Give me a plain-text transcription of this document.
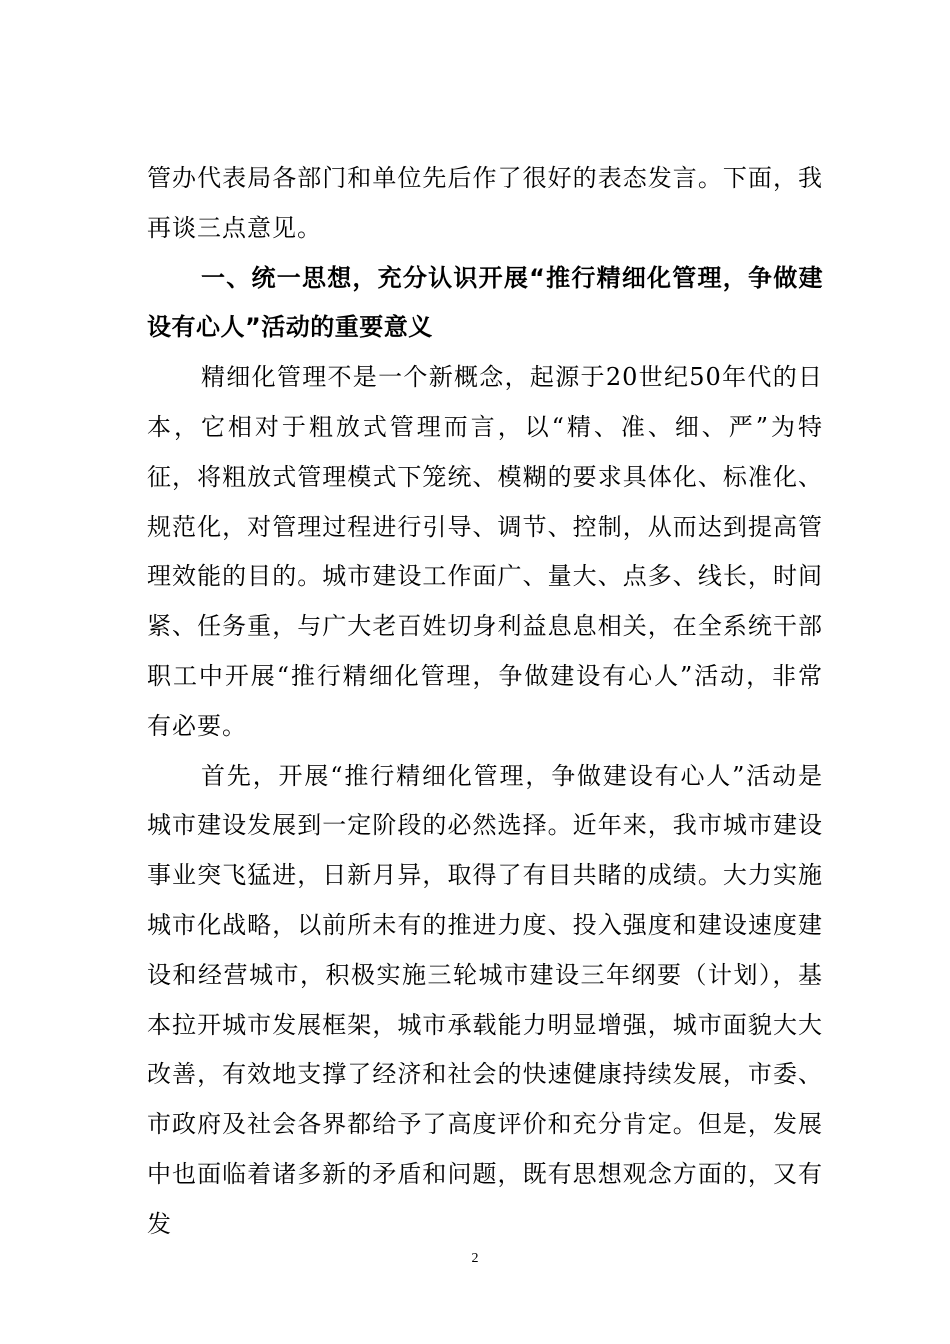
管办代表局各部门和单位先后作了很好的表态发言。下面，我再谈三点意见。

一、统一思想，充分认识开展“推行精细化管理，争做建设有心人”活动的重要意义

精细化管理不是一个新概念，起源于20世纪50年代的日本，它相对于粗放式管理而言，以“精、准、细、严”为特征，将粗放式管理模式下笼统、模糊的要求具体化、标准化、规范化，对管理过程进行引导、调节、控制，从而达到提高管理效能的目的。城市建设工作面广、量大、点多、线长，时间紧、任务重，与广大老百姓切身利益息息相关，在全系统干部职工中开展“推行精细化管理，争做建设有心人”活动，非常有必要。

首先，开展“推行精细化管理，争做建设有心人”活动是城市建设发展到一定阶段的必然选择。近年来，我市城市建设事业突飞猛进，日新月异，取得了有目共睹的成绩。大力实施城市化战略，以前所未有的推进力度、投入强度和建设速度建设和经营城市，积极实施三轮城市建设三年纲要（计划），基本拉开城市发展框架，城市承载能力明显增强，城市面貌大大改善，有效地支撑了经济和社会的快速健康持续发展，市委、市政府及社会各界都给予了高度评价和充分肯定。但是，发展中也面临着诸多新的矛盾和问题，既有思想观念方面的，又有发

2
